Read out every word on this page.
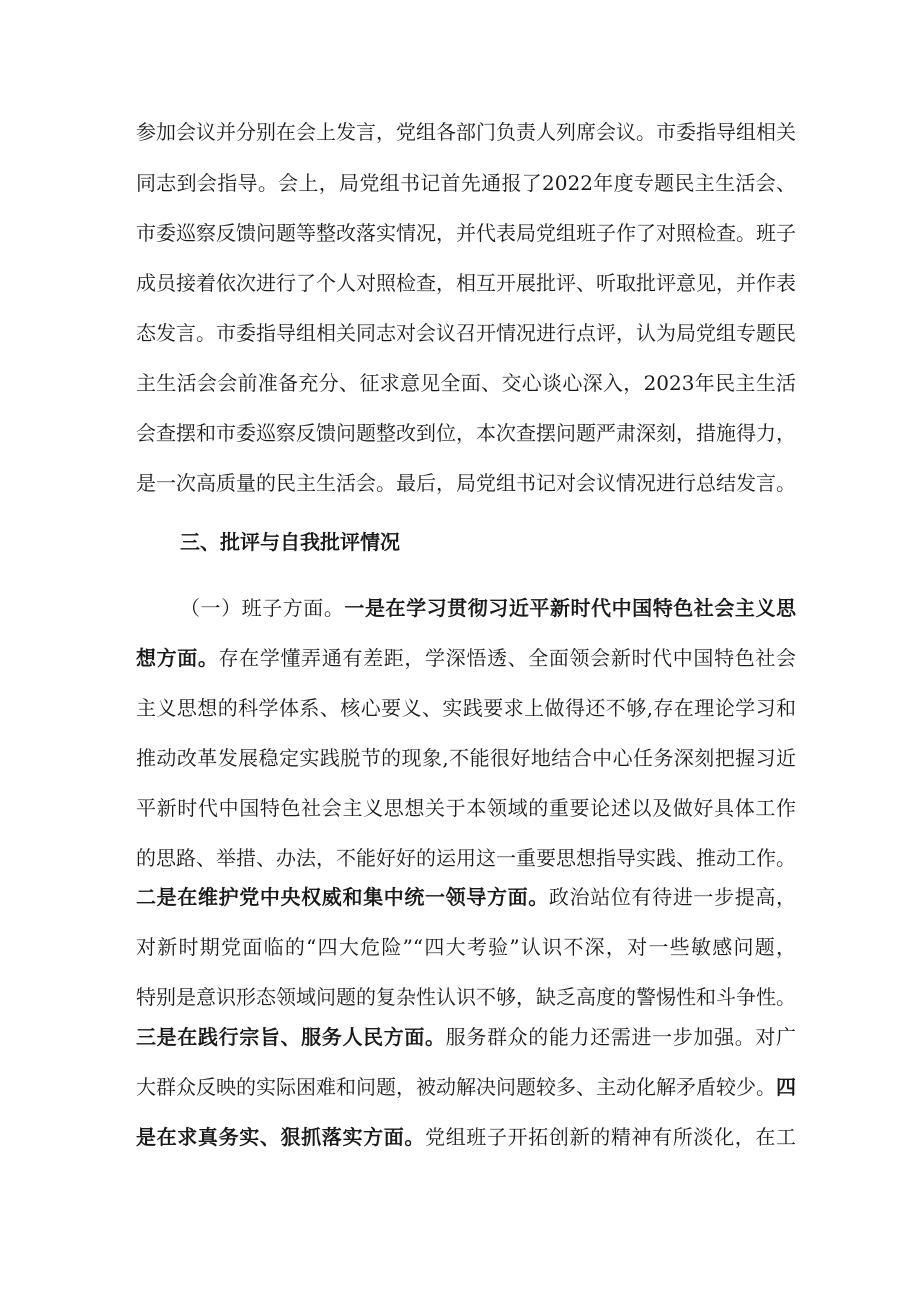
参加会议并分别在会上发言，党组各部门负责人列席会议。市委指导组相关
同志到会指导。会上，局党组书记首先通报了2022年度专题民主生活会、
市委巡察反馈问题等整改落实情况，并代表局党组班子作了对照检查。班子
成员接着依次进行了个人对照检查，相互开展批评、听取批评意见，并作表
态发言。市委指导组相关同志对会议召开情况进行点评，认为局党组专题民
主生活会会前准备充分、征求意见全面、交心谈心深入，2023年民主生活
会查摆和市委巡察反馈问题整改到位，本次查摆问题严肃深刻，措施得力，
是一次高质量的民主生活会。最后，局党组书记对会议情况进行总结发言。
三、批评与自我批评情况
（一）班子方面。一是在学习贯彻习近平新时代中国特色社会主义思
想方面。存在学懂弄通有差距，学深悟透、全面领会新时代中国特色社会
主义思想的科学体系、核心要义、实践要求上做得还不够,存在理论学习和
推动改革发展稳定实践脱节的现象,不能很好地结合中心任务深刻把握习近
平新时代中国特色社会主义思想关于本领域的重要论述以及做好具体工作
的思路、举措、办法，不能好好的运用这一重要思想指导实践、推动工作。
二是在维护党中央权威和集中统一领导方面。政治站位有待进一步提高，
对新时期党面临的“四大危险”“四大考验”认识不深，对一些敏感问题，
特别是意识形态领域问题的复杂性认识不够，缺乏高度的警惕性和斗争性。
三是在践行宗旨、服务人民方面。服务群众的能力还需进一步加强。对广
大群众反映的实际困难和问题，被动解决问题较多、主动化解矛盾较少。四
是在求真务实、狠抓落实方面。党组班子开拓创新的精神有所淡化，在工
